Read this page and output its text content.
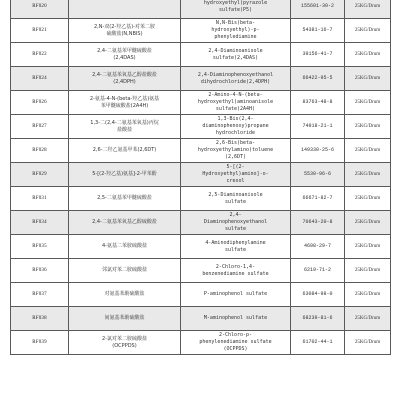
RF020		hydroxyethyl)pyrazole
sulfate(P5)	155601-30-2	25KG/Drum
RF021	2,N-双(2-羟乙基)-对苯二胺
硫酸盐(N,NBIS)	N,N-Bis(beta-
hydroxyethyl)-p-
phenylediamine	54381-16-7	25KG/Drum
RF022	2,4-二氨基苯甲醚硫酸盐
(2,4DAS)	2,4-Diaminoanisole
sulfate(2,4DAS)	39156-41-7	25KG/Drum
RF024	2,4-二氨基苯氧基乙醇盐酸盐
(2,4DPH)	2,4-Diaminophenoxyethanol
dihydrochloride(2,4DPH)	66422-95-5	25KG/Drum
RF026	2-氨基-4-N-(beta-羟乙基)氨基
苯甲醚硫酸盐(2A4H)	2-Amino-4-N-(beta-
hydroxyethyl)aminoanisole
sulfate(2A4H)	83763-48-8	25KG/Drum
RF027	1,3-二(2,4-二氨基苯氧基)丙烷
盐酸盐	1,3-Bis(2,4-
diaminophenoxy)propane
hydrochloride	74918-21-1	25KG/Drum
RF028	2,6-二羟乙氨基甲苯(2,6DT)	2,6-Bis(beta-
hydroxyethylamino)toluene
(2,6DT)	149330-25-6	25KG/Drum
RF029	5-[(2-羟乙基)氨基]-2-甲苯酚	5-[(2-
Hydroxyethyl)amino]-o-
cresol	5530-96-6	25KG/Drum
RF031	2,5-二氨基苯甲醚硫酸盐	2,5-Diaminoanisole
sulfate	66671-82-7	25KG/Drum
RF034	2,4-二氨基苯氧基乙醇硫酸盐	2,4-
Diaminophenoxyethanol
sulfate	70643-20-8	25KG/Drum
RF035	4-氨基二苯胺硫酸盐	4-Aminodiphenylamine
sulfate	4698-29-7	25KG/Drum
RF036	邻氯对苯二胺硫酸盐	2-Chloro-1,4-
benzenediamine sulfate	6219-71-2	25KG/Drum
RF037	对氨基苯酚硫酸盐	P-aminophenol sulfate	63084-98-0	25KG/Drum
RF038	间氨基苯酚硫酸盐	M-aminophenol sulfate	68239-81-6	25KG/Drum
RF039	2-氯对苯二胺硫酸盐
(OCPPDS)	2-Chloro-p-
phenylenediamine sulfate
(OCPPDS)	61702-44-1	25KG/Drum
